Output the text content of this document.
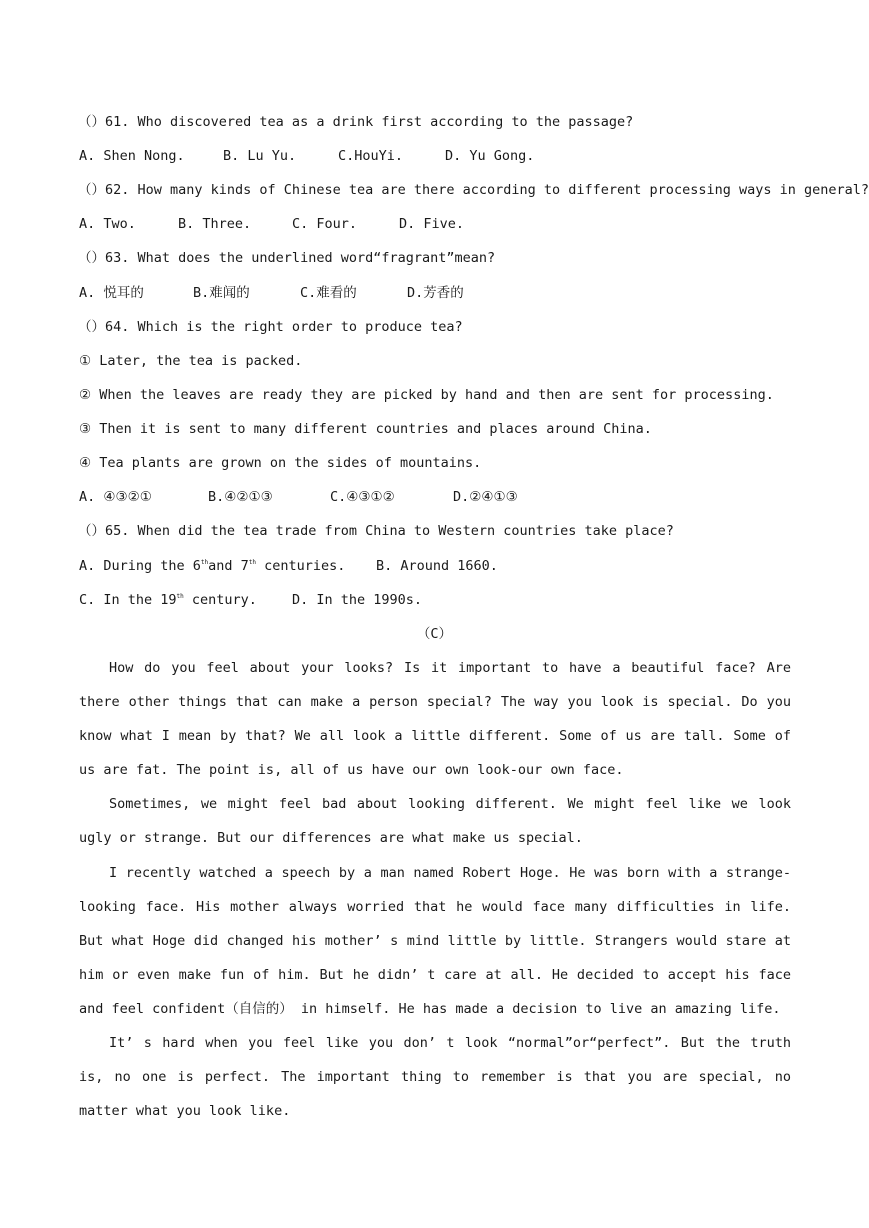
（）61. Who discovered tea as a drink first according to the passage?
A. Shen Nong.	B. Lu Yu.	C.HouYi.	D. Yu Gong.
（）62. How many kinds of Chinese tea are there according to different processing ways in general?
A. Two.	B. Three.	C. Four.	D. Five.
（）63. What does the underlined word“fragrant”mean?
A. 悦耳的	B.难闻的	C.难看的	D.芳香的
（）64. Which is the right order to produce tea?
① Later, the tea is packed.
② When the leaves are ready they are picked by hand and then are sent for processing.
③ Then it is sent to many different countries and places around China.
④ Tea plants are grown on the sides of mountains.
A. ④③②①	B.④②①③	C.④③①②	D.②④①③
（）65. When did the tea trade from China to Western countries take place?
A. During the 6thand 7th centuries. B. Around 1660.
C. In the 19th century.	D. In the 1990s.
（C）
How do you feel about your looks? Is it important to have a beautiful face? Are there other things that can make a person special? The way you look is special. Do you know what I mean by that? We all look a little different. Some of us are tall. Some of us are fat. The point is, all of us have our own look-our own face.
Sometimes, we might feel bad about looking different. We might feel like we look ugly or strange. But our differences are what make us special.
I recently watched a speech by a man named Robert Hoge. He was born with a strange-looking face. His mother always worried that he would face many difficulties in life. But what Hoge did changed his mother’ s mind little by little. Strangers would stare at him or even make fun of him. But he didn’ t care at all. He decided to accept his face and feel confident（自信的） in himself. He has made a decision to live an amazing life.
It’ s hard when you feel like you don’ t look “normal”or“perfect”. But the truth is, no one is perfect. The important thing to remember is that you are special, no matter what you look like.
